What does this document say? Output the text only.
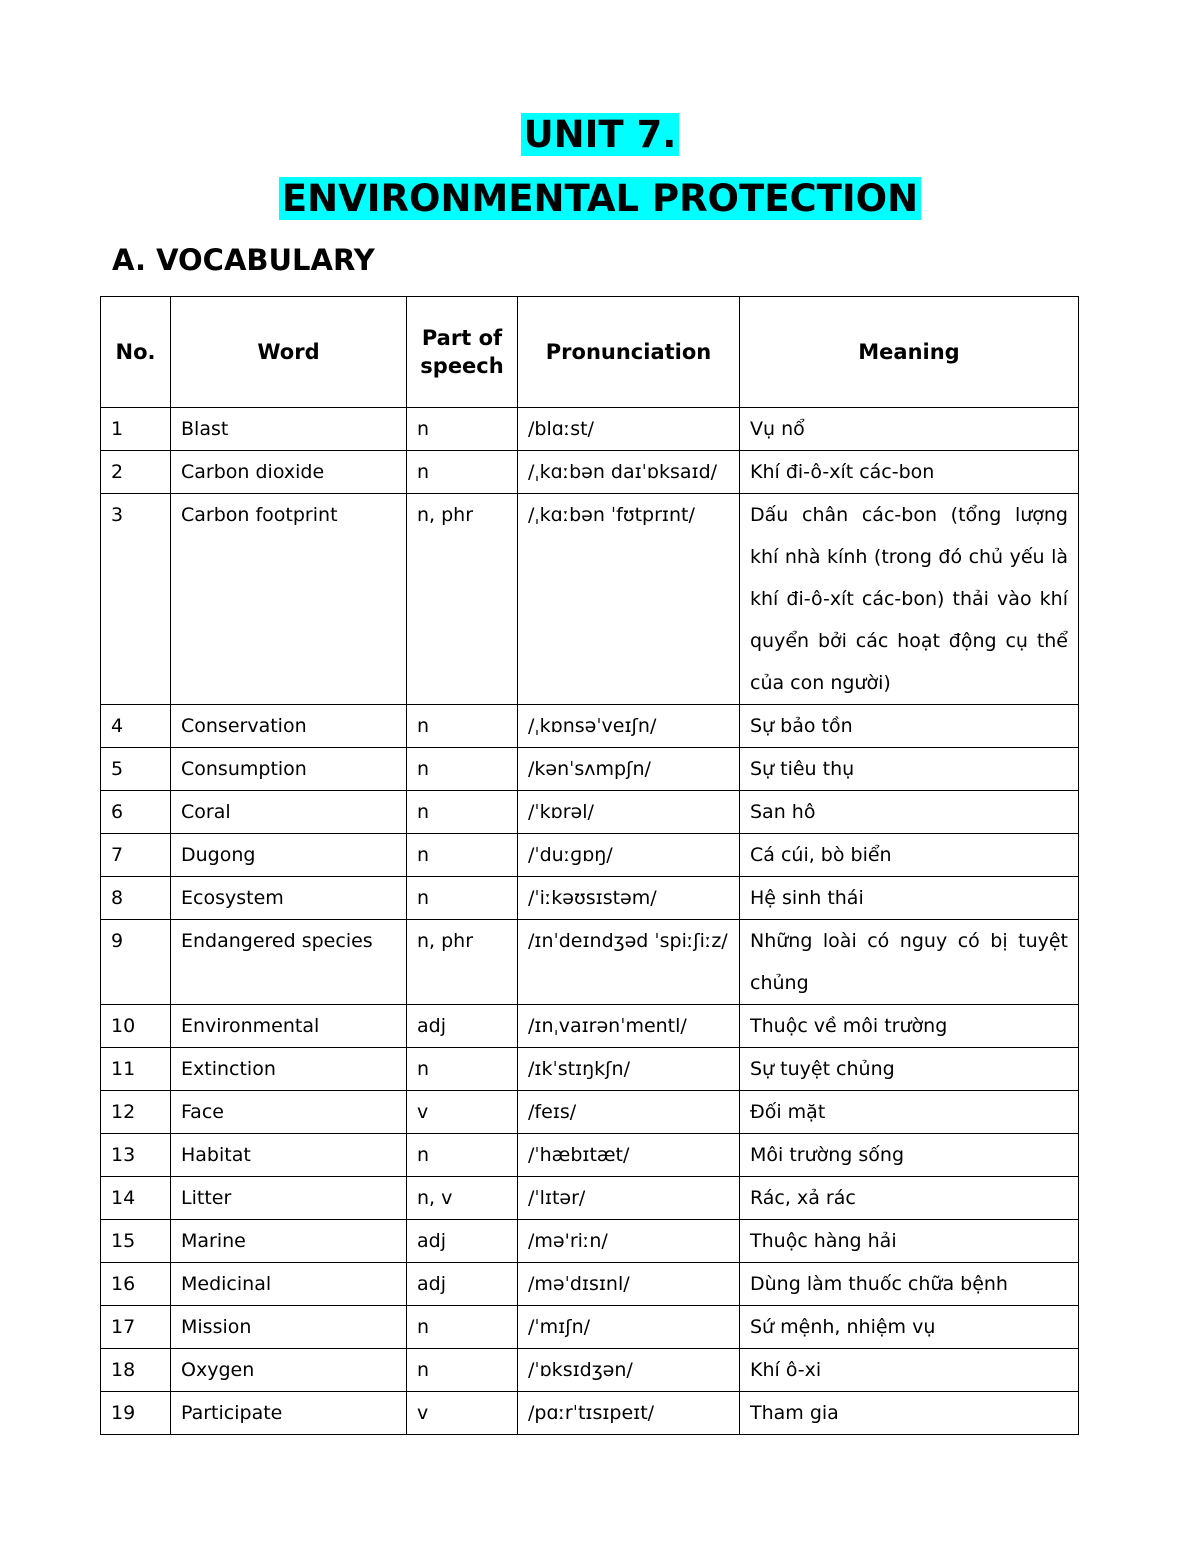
UNIT 7.
ENVIRONMENTAL PROTECTION
A. VOCABULARY
No.	Word	Part of speech	Pronunciation	Meaning
1	Blast	n	/blɑːst/	Vụ nổ
2	Carbon dioxide	n	/ˌkɑːbən daɪˈɒksaɪd/	Khí đi-ô-xít các-bon
3	Carbon footprint	n, phr	/ˌkɑːbən ˈfʊtprɪnt/	Dấu chân các-bon (tổng lượng khí nhà kính (trong đó chủ yếu là khí đi-ô-xít các-bon) thải vào khí quyển bởi các hoạt động cụ thể của con người)
4	Conservation	n	/ˌkɒnsəˈveɪʃn/	Sự bảo tồn
5	Consumption	n	/kənˈsʌmpʃn/	Sự tiêu thụ
6	Coral	n	/ˈkɒrəl/	San hô
7	Dugong	n	/ˈduːɡɒŋ/	Cá cúi, bò biển
8	Ecosystem	n	/ˈiːkəʊsɪstəm/	Hệ sinh thái
9	Endangered species	n, phr	/ɪnˈdeɪndʒəd ˈspiːʃiːz/	Những loài có nguy có bị tuyệt chủng
10	Environmental	adj	/ɪnˌvaɪrənˈmentl/	Thuộc về môi trường
11	Extinction	n	/ɪkˈstɪŋkʃn/	Sự tuyệt chủng
12	Face	v	/feɪs/	Đối mặt
13	Habitat	n	/ˈhæbɪtæt/	Môi trường sống
14	Litter	n, v	/ˈlɪtər/	Rác, xả rác
15	Marine	adj	/mə'riːn/	Thuộc hàng hải
16	Medicinal	adj	/məˈdɪsɪnl/	Dùng làm thuốc chữa bệnh
17	Mission	n	/ˈmɪʃn/	Sứ mệnh, nhiệm vụ
18	Oxygen	n	/ˈɒksɪdʒən/	Khí ô-xi
19	Participate	v	/pɑːrˈtɪsɪpeɪt/	Tham gia
